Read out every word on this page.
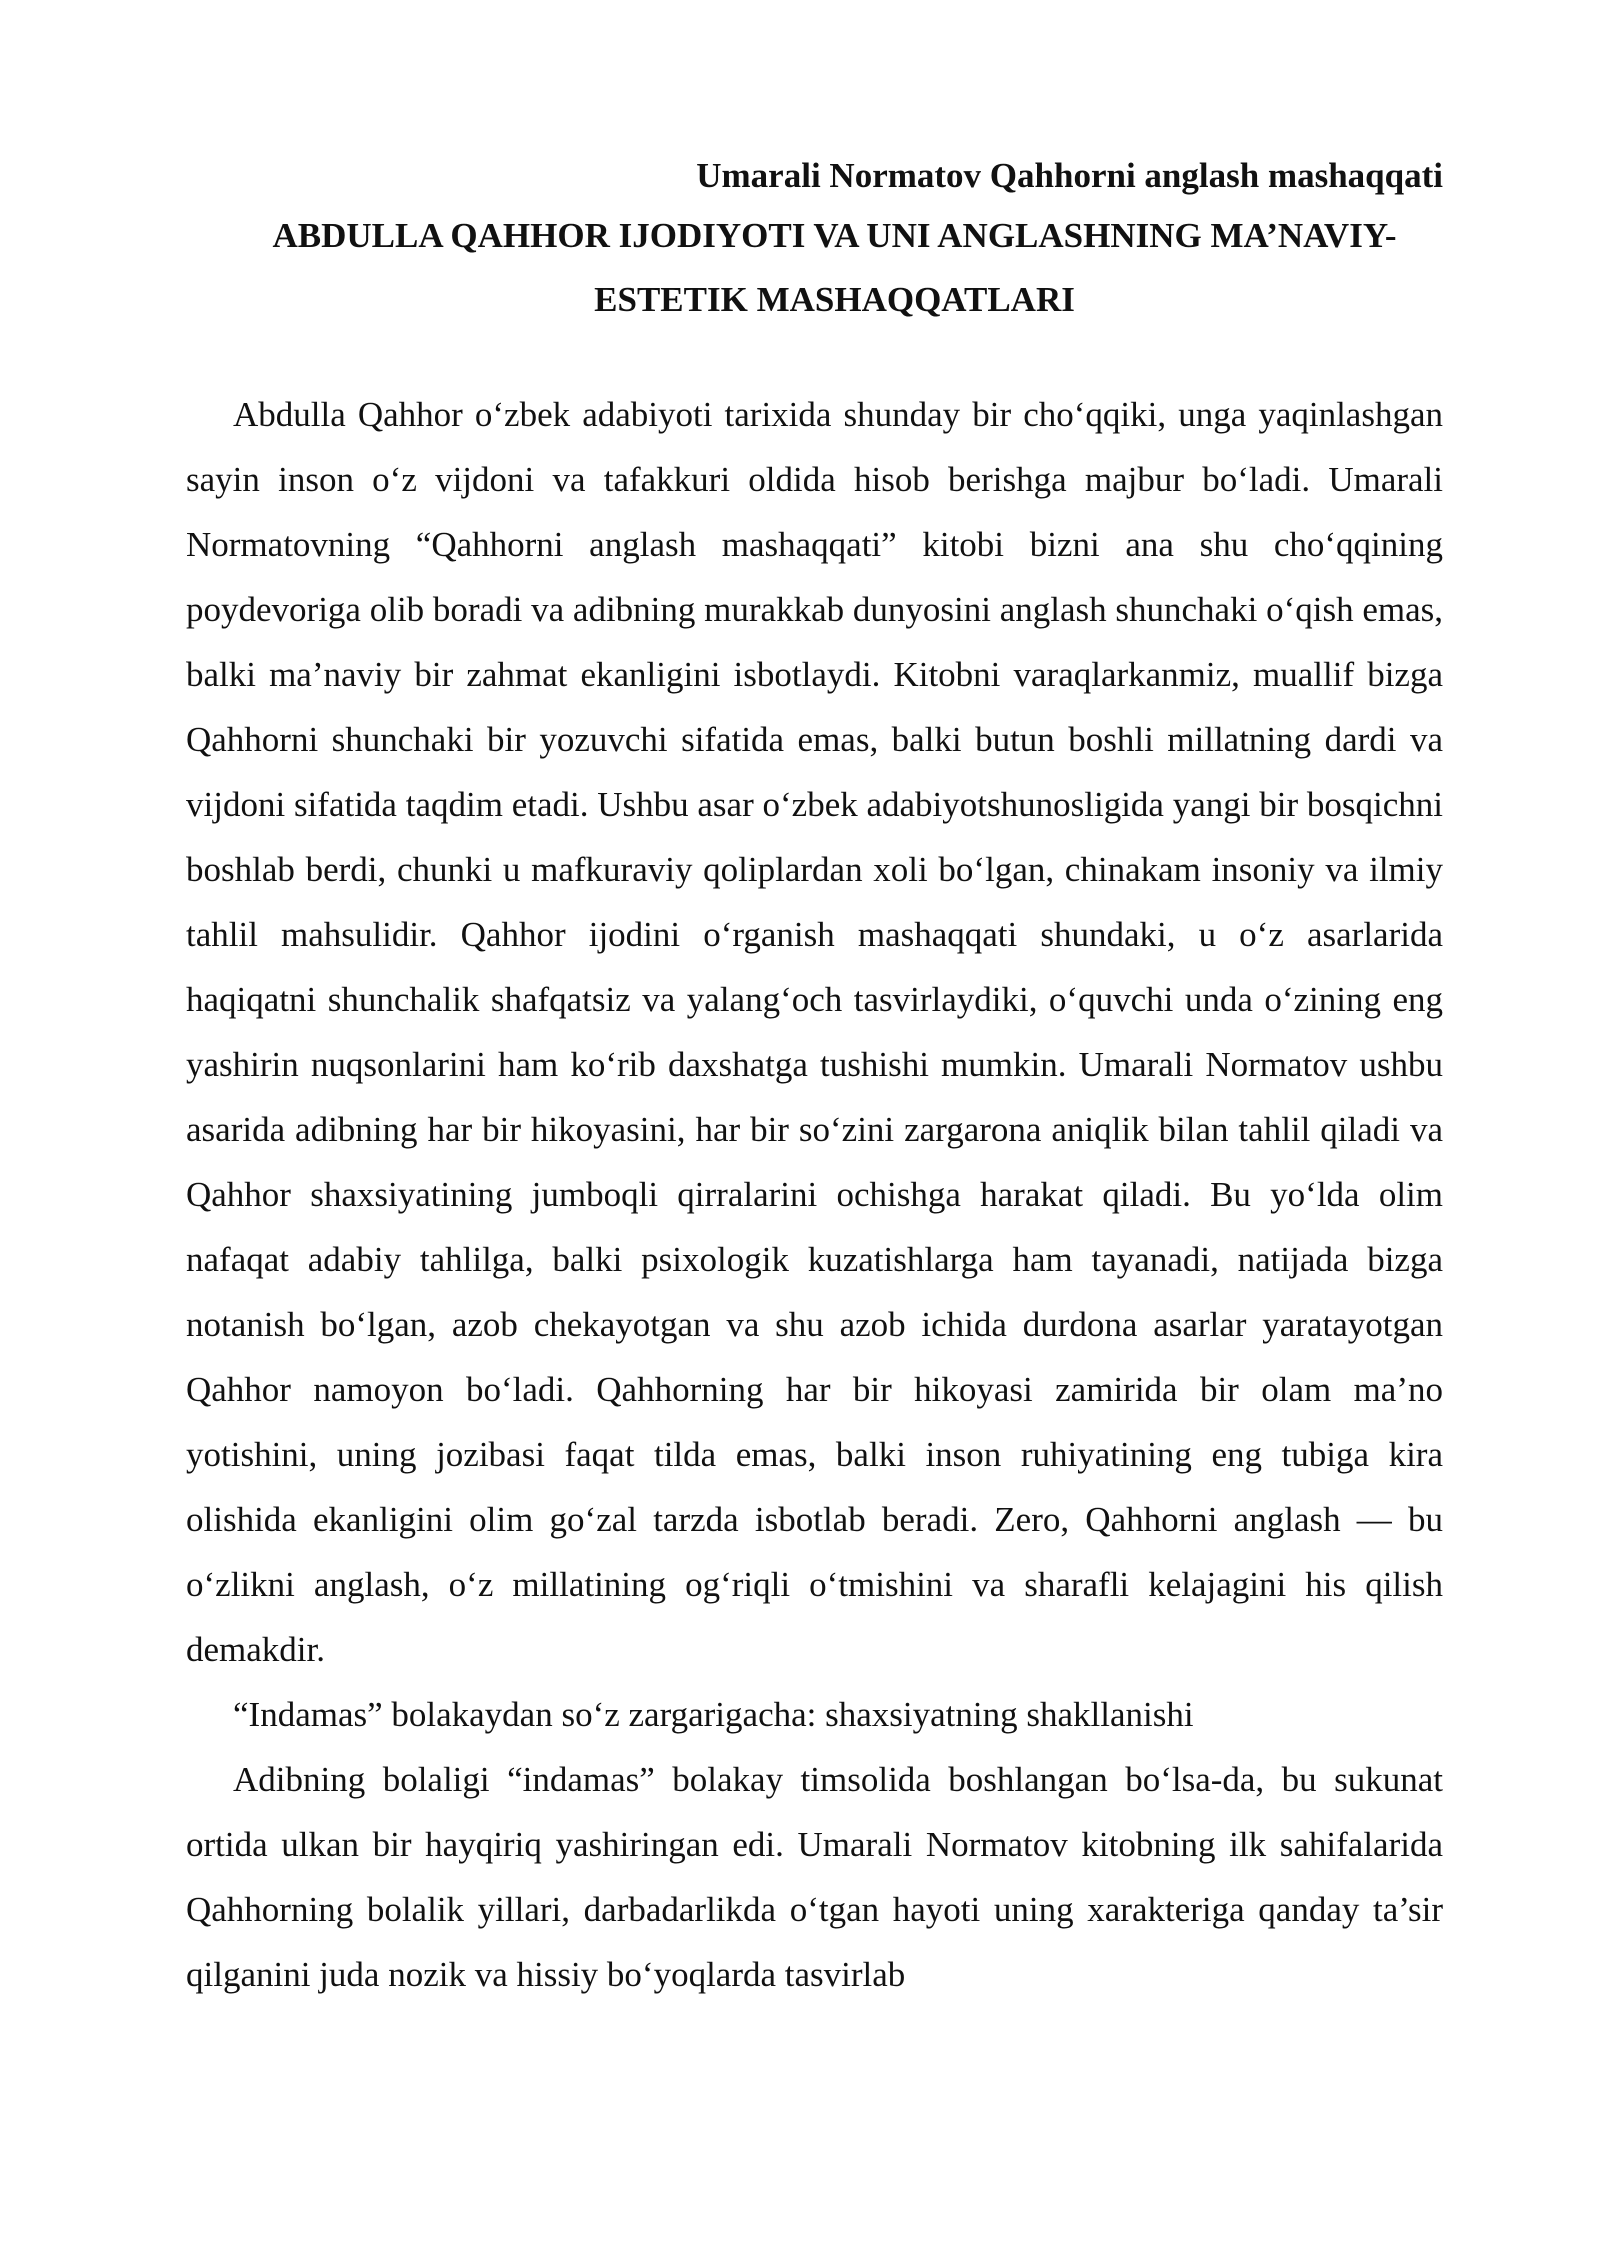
Umarali Normatov Qahhorni anglash mashaqqati

ABDULLA QAHHOR IJODIYOTI VA UNI ANGLASHNING MA’NAVIY-ESTETIK MASHAQQATLARI

Abdulla Qahhor o‘zbek adabiyoti tarixida shunday bir cho‘qqiki, unga yaqinlashgan sayin inson o‘z vijdoni va tafakkuri oldida hisob berishga majbur bo‘ladi. Umarali Normatovning “Qahhorni anglash mashaqqati” kitobi bizni ana shu cho‘qqining poydevoriga olib boradi va adibning murakkab dunyosini anglash shunchaki o‘qish emas, balki ma’naviy bir zahmat ekanligini isbotlaydi. Kitobni varaqlarkanmiz, muallif bizga Qahhorni shunchaki bir yozuvchi sifatida emas, balki butun boshli millatning dardi va vijdoni sifatida taqdim etadi. Ushbu asar o‘zbek adabiyotshunosligida yangi bir bosqichni boshlab berdi, chunki u mafkuraviy qoliplardan xoli bo‘lgan, chinakam insoniy va ilmiy tahlil mahsulidir. Qahhor ijodini o‘rganish mashaqqati shundaki, u o‘z asarlarida haqiqatni shunchalik shafqatsiz va yalang‘och tasvirlaydiki, o‘quvchi unda o‘zining eng yashirin nuqsonlarini ham ko‘rib daxshatga tushishi mumkin. Umarali Normatov ushbu asarida adibning har bir hikoyasini, har bir so‘zini zargarona aniqlik bilan tahlil qiladi va Qahhor shaxsiyatining jumboqli qirralarini ochishga harakat qiladi. Bu yo‘lda olim nafaqat adabiy tahlilga, balki psixologik kuzatishlarga ham tayanadi, natijada bizga notanish bo‘lgan, azob chekayotgan va shu azob ichida durdona asarlar yaratayotgan Qahhor namoyon bo‘ladi. Qahhorning har bir hikoyasi zamirida bir olam ma’no yotishini, uning jozibasi faqat tilda emas, balki inson ruhiyatining eng tubiga kira olishida ekanligini olim go‘zal tarzda isbotlab beradi. Zero, Qahhorni anglash — bu o‘zlikni anglash, o‘z millatining og‘riqli o‘tmishini va sharafli kelajagini his qilish demakdir.

“Indamas” bolakaydan so‘z zargarigacha: shaxsiyatning shakllanishi

Adibning bolaligi “indamas” bolakay timsolida boshlangan bo‘lsa-da, bu sukunat ortida ulkan bir hayqiriq yashiringan edi. Umarali Normatov kitobning ilk sahifalarida Qahhorning bolalik yillari, darbadarlikda o‘tgan hayoti uning xarakteriga qanday ta’sir qilganini juda nozik va hissiy bo‘yoqlarda tasvirlab
